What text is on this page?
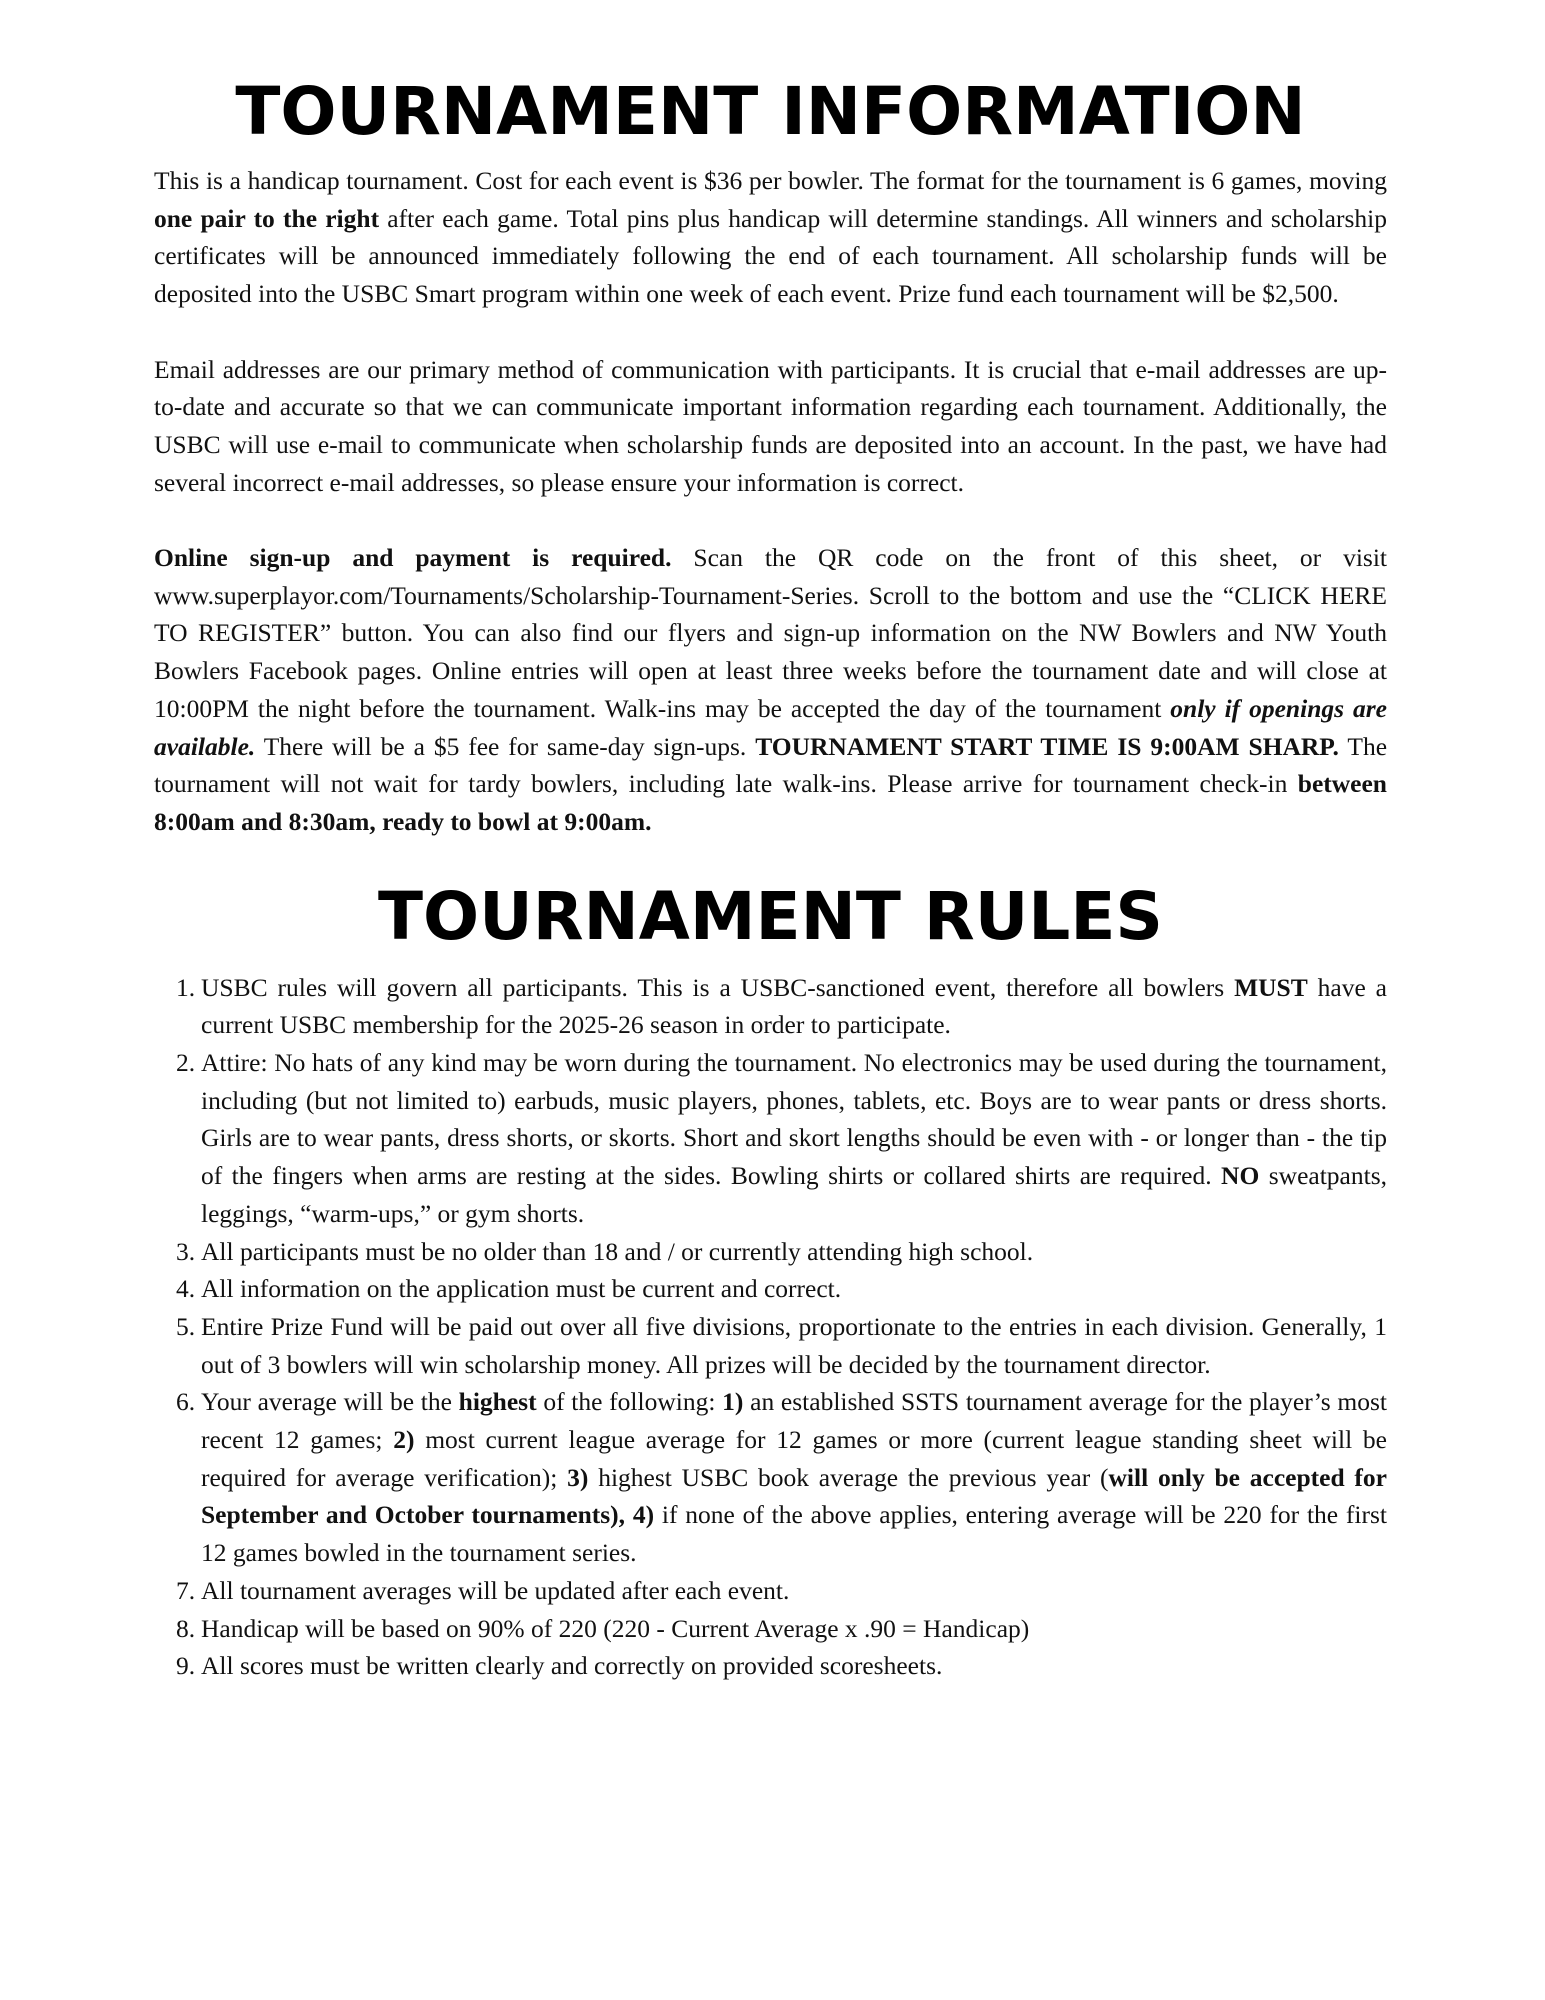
TOURNAMENT INFORMATION

This is a handicap tournament. Cost for each event is $36 per bowler. The format for the tournament is 6 games, moving one pair to the right after each game. Total pins plus handicap will determine standings. All winners and scholarship certificates will be announced immediately following the end of each tournament. All scholarship funds will be deposited into the USBC Smart program within one week of each event. Prize fund each tournament will be $2,500.

Email addresses are our primary method of communication with participants. It is crucial that e-mail addresses are up-to-date and accurate so that we can communicate important information regarding each tournament. Additionally, the USBC will use e-mail to communicate when scholarship funds are deposited into an account. In the past, we have had several incorrect e-mail addresses, so please ensure your information is correct.

Online sign-up and payment is required. Scan the QR code on the front of this sheet, or visit www.superplayor.com/Tournaments/Scholarship-Tournament-Series. Scroll to the bottom and use the “CLICK HERE TO REGISTER” button. You can also find our flyers and sign-up information on the NW Bowlers and NW Youth Bowlers Facebook pages. Online entries will open at least three weeks before the tournament date and will close at 10:00PM the night before the tournament. Walk-ins may be accepted the day of the tournament only if openings are available. There will be a $5 fee for same-day sign-ups. TOURNAMENT START TIME IS 9:00AM SHARP. The tournament will not wait for tardy bowlers, including late walk-ins. Please arrive for tournament check-in between 8:00am and 8:30am, ready to bowl at 9:00am.

TOURNAMENT RULES
1. USBC rules will govern all participants. This is a USBC-sanctioned event, therefore all bowlers MUST have a current USBC membership for the 2025-26 season in order to participate.
2. Attire: No hats of any kind may be worn during the tournament. No electronics may be used during the tournament, including (but not limited to) earbuds, music players, phones, tablets, etc. Boys are to wear pants or dress shorts. Girls are to wear pants, dress shorts, or skorts. Short and skort lengths should be even with - or longer than - the tip of the fingers when arms are resting at the sides. Bowling shirts or collared shirts are required. NO sweatpants, leggings, “warm-ups,” or gym shorts.
3. All participants must be no older than 18 and / or currently attending high school.
4. All information on the application must be current and correct.
5. Entire Prize Fund will be paid out over all five divisions, proportionate to the entries in each division. Generally, 1 out of 3 bowlers will win scholarship money. All prizes will be decided by the tournament director.
6. Your average will be the highest of the following: 1) an established SSTS tournament average for the player’s most recent 12 games; 2) most current league average for 12 games or more (current league standing sheet will be required for average verification); 3) highest USBC book average the previous year (will only be accepted for September and October tournaments), 4) if none of the above applies, entering average will be 220 for the first 12 games bowled in the tournament series.
7. All tournament averages will be updated after each event.
8. Handicap will be based on 90% of 220 (220 - Current Average x .90 = Handicap)
9. All scores must be written clearly and correctly on provided scoresheets.
